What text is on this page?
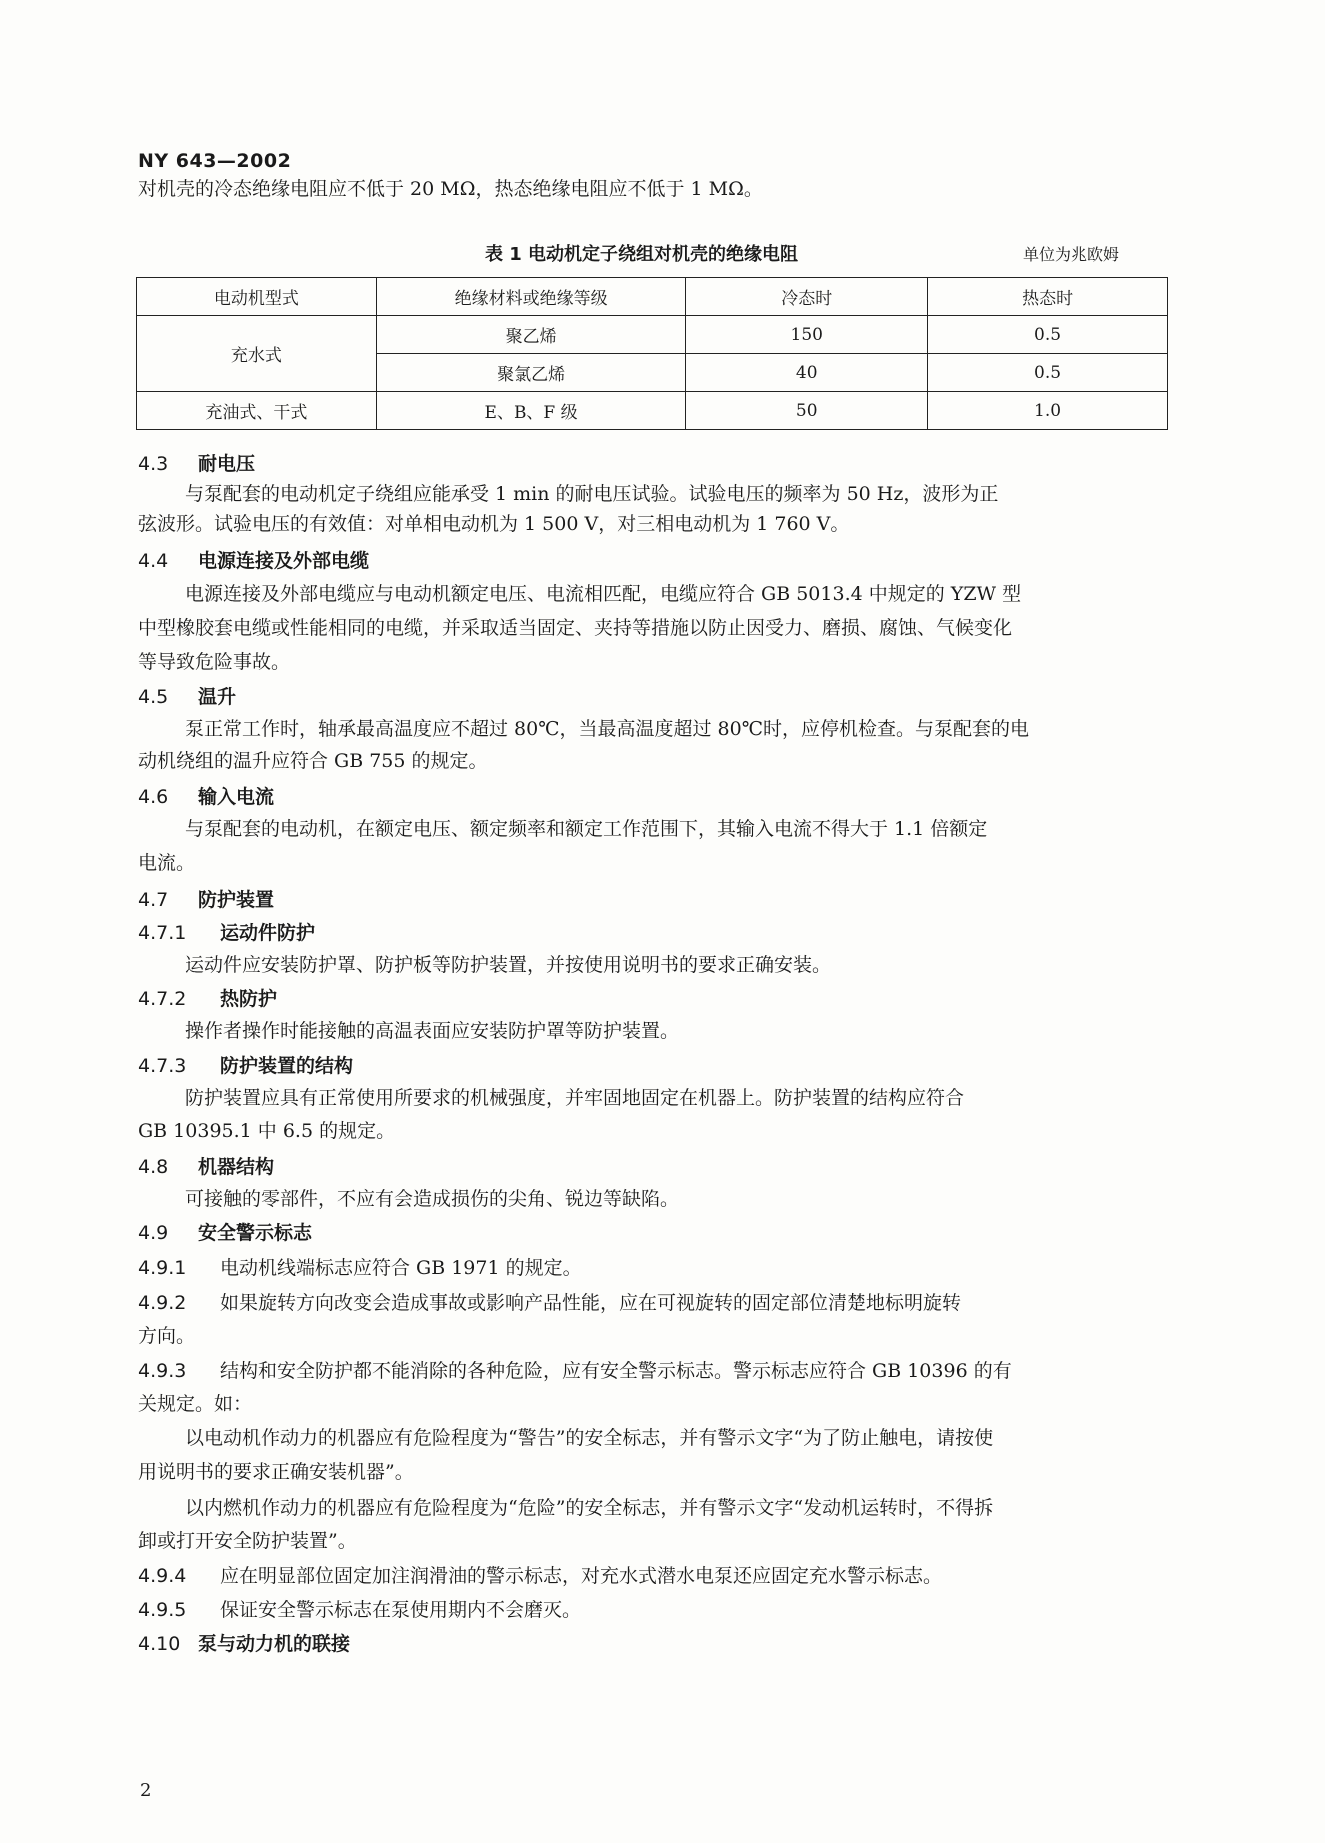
NY 643—2002
对机壳的冷态绝缘电阻应不低于 20 MΩ，热态绝缘电阻应不低于 1 MΩ。
表 1 电动机定子绕组对机壳的绝缘电阻	单位为兆欧姆
电动机型式	绝缘材料或绝缘等级	冷态时	热态时
充水式	聚乙烯	150	0.5
	聚氯乙烯	40	0.5
充油式、干式	E、B、F 级	50	1.0
4.3 耐电压
与泵配套的电动机定子绕组应能承受 1 min 的耐电压试验。试验电压的频率为 50 Hz，波形为正
弦波形。试验电压的有效值：对单相电动机为 1 500 V，对三相电动机为 1 760 V。
4.4 电源连接及外部电缆
电源连接及外部电缆应与电动机额定电压、电流相匹配，电缆应符合 GB 5013.4 中规定的 YZW 型
中型橡胶套电缆或性能相同的电缆，并采取适当固定、夹持等措施以防止因受力、磨损、腐蚀、气候变化
等导致危险事故。
4.5 温升
泵正常工作时，轴承最高温度应不超过 80℃，当最高温度超过 80℃时，应停机检查。与泵配套的电
动机绕组的温升应符合 GB 755 的规定。
4.6 输入电流
与泵配套的电动机，在额定电压、额定频率和额定工作范围下，其输入电流不得大于 1.1 倍额定
电流。
4.7 防护装置
4.7.1 运动件防护
运动件应安装防护罩、防护板等防护装置，并按使用说明书的要求正确安装。
4.7.2 热防护
操作者操作时能接触的高温表面应安装防护罩等防护装置。
4.7.3 防护装置的结构
防护装置应具有正常使用所要求的机械强度，并牢固地固定在机器上。防护装置的结构应符合
GB 10395.1 中 6.5 的规定。
4.8 机器结构
可接触的零部件，不应有会造成损伤的尖角、锐边等缺陷。
4.9 安全警示标志
4.9.1 电动机线端标志应符合 GB 1971 的规定。
4.9.2 如果旋转方向改变会造成事故或影响产品性能，应在可视旋转的固定部位清楚地标明旋转
方向。
4.9.3 结构和安全防护都不能消除的各种危险，应有安全警示标志。警示标志应符合 GB 10396 的有
关规定。如：
以电动机作动力的机器应有危险程度为“警告”的安全标志，并有警示文字“为了防止触电，请按使
用说明书的要求正确安装机器”。
以内燃机作动力的机器应有危险程度为“危险”的安全标志，并有警示文字“发动机运转时，不得拆
卸或打开安全防护装置”。
4.9.4 应在明显部位固定加注润滑油的警示标志，对充水式潜水电泵还应固定充水警示标志。
4.9.5 保证安全警示标志在泵使用期内不会磨灭。
4.10 泵与动力机的联接
2
